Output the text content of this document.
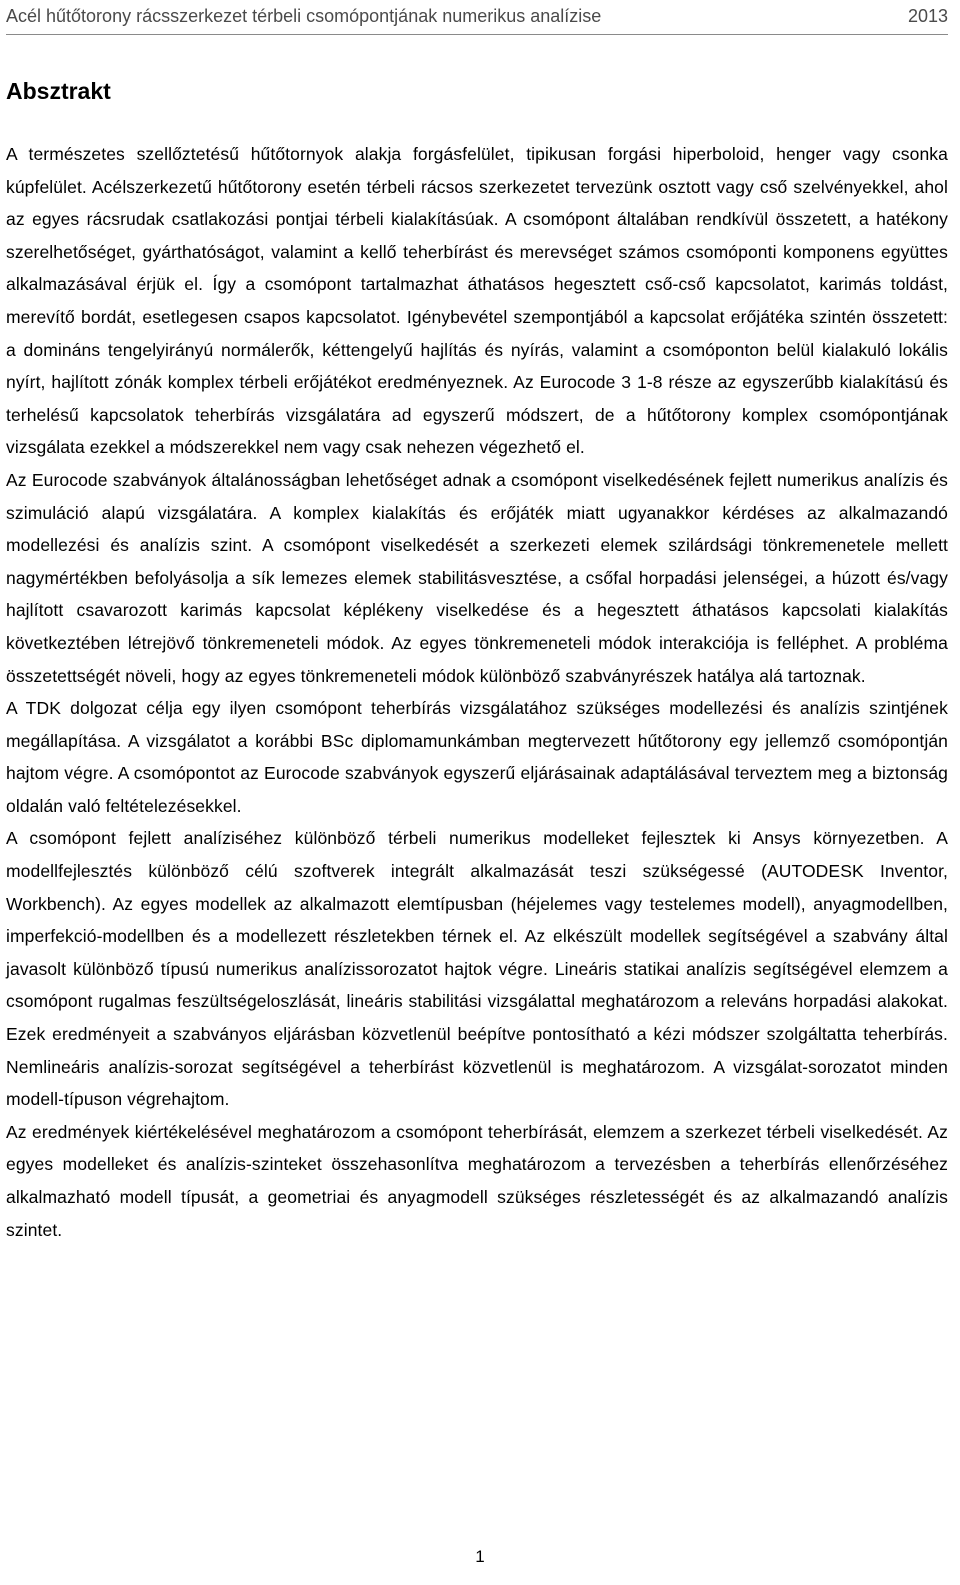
Acél hűtőtorony rácsszerkezet térbeli csomópontjának numerikus analízise	2013
Absztrakt

A természetes szellőztetésű hűtőtornyok alakja forgásfelület, tipikusan forgási hiperboloid, henger vagy csonka kúpfelület. Acélszerkezetű hűtőtorony esetén térbeli rácsos szerkezetet tervezünk osztott vagy cső szelvényekkel, ahol az egyes rácsrudak csatlakozási pontjai térbeli kialakításúak. A csomópont általában rendkívül összetett, a hatékony szerelhetőséget, gyárthatóságot, valamint a kellő teherbírást és merevséget számos csomóponti komponens együttes alkalmazásával érjük el. Így a csomópont tartalmazhat áthatásos hegesztett cső-cső kapcsolatot, karimás toldást, merevítő bordát, esetlegesen csapos kapcsolatot. Igénybevétel szempontjából a kapcsolat erőjátéka szintén összetett: a domináns tengelyirányú normálerők, kéttengelyű hajlítás és nyírás, valamint a csomóponton belül kialakuló lokális nyírt, hajlított zónák komplex térbeli erőjátékot eredményeznek. Az Eurocode 3 1-8 része az egyszerűbb kialakítású és terhelésű kapcsolatok teherbírás vizsgálatára ad egyszerű módszert, de a hűtőtorony komplex csomópontjának vizsgálata ezekkel a módszerekkel nem vagy csak nehezen végezhető el.

Az Eurocode szabványok általánosságban lehetőséget adnak a csomópont viselkedésének fejlett numerikus analízis és szimuláció alapú vizsgálatára. A komplex kialakítás és erőjáték miatt ugyanakkor kérdéses az alkalmazandó modellezési és analízis szint. A csomópont viselkedését a szerkezeti elemek szilárdsági tönkremenetele mellett nagymértékben befolyásolja a sík lemezes elemek stabilitásvesztése, a csőfal horpadási jelenségei, a húzott és/vagy hajlított csavarozott karimás kapcsolat képlékeny viselkedése és a hegesztett áthatásos kapcsolati kialakítás következtében létrejövő tönkremeneteli módok. Az egyes tönkremeneteli módok interakciója is felléphet. A probléma összetettségét növeli, hogy az egyes tönkremeneteli módok különböző szabványrészek hatálya alá tartoznak.

A TDK dolgozat célja egy ilyen csomópont teherbírás vizsgálatához szükséges modellezési és analízis szintjének megállapítása. A vizsgálatot a korábbi BSc diplomamunkámban megtervezett hűtőtorony egy jellemző csomópontján hajtom végre. A csomópontot az Eurocode szabványok egyszerű eljárásainak adaptálásával terveztem meg a biztonság oldalán való feltételezésekkel.

A csomópont fejlett analíziséhez különböző térbeli numerikus modelleket fejlesztek ki Ansys környezetben. A modellfejlesztés különböző célú szoftverek integrált alkalmazását teszi szükségessé (AUTODESK Inventor, Workbench). Az egyes modellek az alkalmazott elemtípusban (héjelemes vagy testelemes modell), anyagmodellben, imperfekció-modellben és a modellezett részletekben térnek el. Az elkészült modellek segítségével a szabvány által javasolt különböző típusú numerikus analízissorozatot hajtok végre. Lineáris statikai analízis segítségével elemzem a csomópont rugalmas feszültségeloszlását, lineáris stabilitási vizsgálattal meghatározom a releváns horpadási alakokat. Ezek eredményeit a szabványos eljárásban közvetlenül beépítve pontosítható a kézi módszer szolgáltatta teherbírás. Nemlineáris analízis-sorozat segítségével a teherbírást közvetlenül is meghatározom. A vizsgálat-sorozatot minden modell-típuson végrehajtom.

Az eredmények kiértékelésével meghatározom a csomópont teherbírását, elemzem a szerkezet térbeli viselkedését. Az egyes modelleket és analízis-szinteket összehasonlítva meghatározom a tervezésben a teherbírás ellenőrzéséhez alkalmazható modell típusát, a geometriai és anyagmodell szükséges részletességét és az alkalmazandó analízis szintet.

1
